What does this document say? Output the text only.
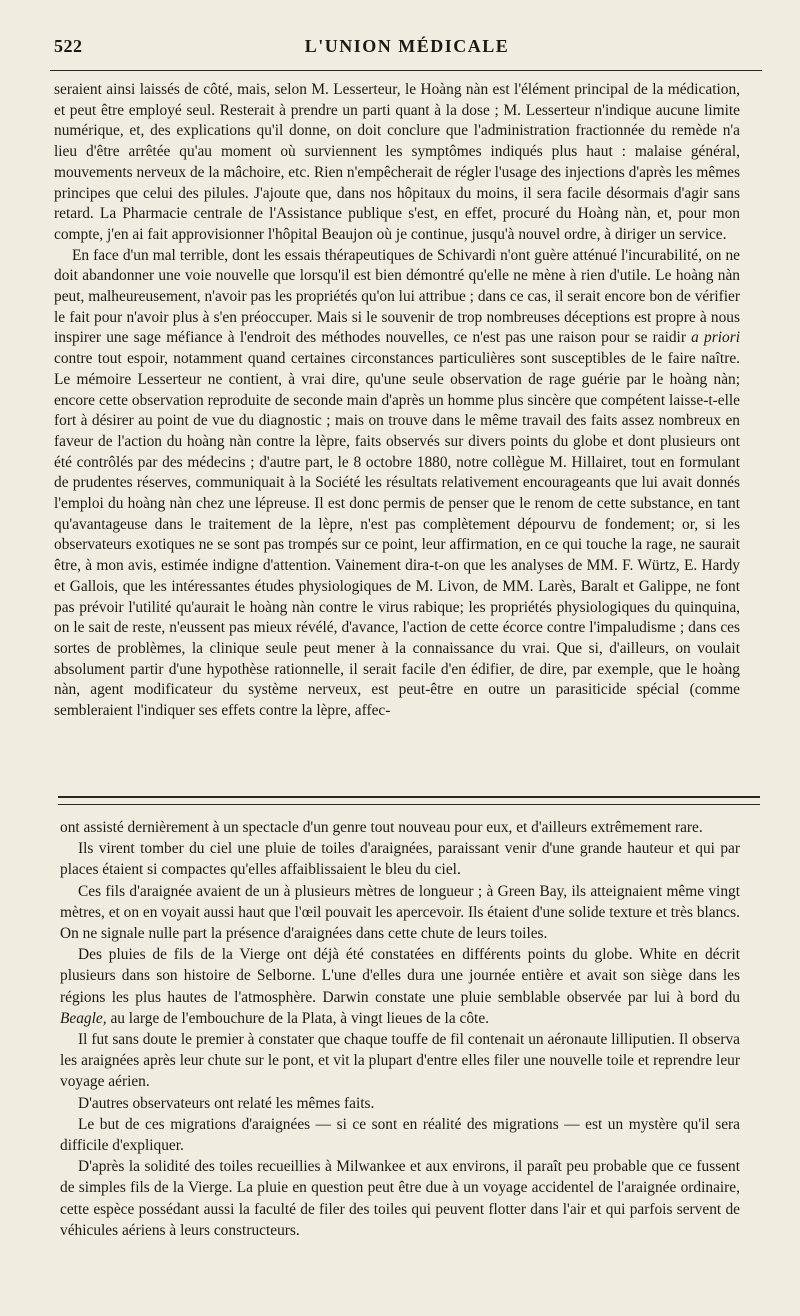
522	L'UNION MÉDICALE

seraient ainsi laissés de côté, mais, selon M. Lesserteur, le Hoàng nàn est l'élément principal de la médication, et peut être employé seul. Resterait à prendre un parti quant à la dose ; M. Lesserteur n'indique aucune limite numérique, et, des explications qu'il donne, on doit conclure que l'administration fractionnée du remède n'a lieu d'être arrêtée qu'au moment où surviennent les symptômes indiqués plus haut : malaise général, mouvements nerveux de la mâchoire, etc. Rien n'empêcherait de régler l'usage des injections d'après les mêmes principes que celui des pilules. J'ajoute que, dans nos hôpitaux du moins, il sera facile désormais d'agir sans retard. La Pharmacie centrale de l'Assistance publique s'est, en effet, procuré du Hoàng nàn, et, pour mon compte, j'en ai fait approvisionner l'hôpital Beaujon où je continue, jusqu'à nouvel ordre, à diriger un service.

En face d'un mal terrible, dont les essais thérapeutiques de Schivardi n'ont guère atténué l'incurabilité, on ne doit abandonner une voie nouvelle que lorsqu'il est bien démontré qu'elle ne mène à rien d'utile. Le hoàng nàn peut, malheureusement, n'avoir pas les propriétés qu'on lui attribue ; dans ce cas, il serait encore bon de vérifier le fait pour n'avoir plus à s'en préoccuper. Mais si le souvenir de trop nombreuses déceptions est propre à nous inspirer une sage méfiance à l'endroit des méthodes nouvelles, ce n'est pas une raison pour se raidir a priori contre tout espoir, notamment quand certaines circonstances particulières sont susceptibles de le faire naître. Le mémoire Lesserteur ne contient, à vrai dire, qu'une seule observation de rage guérie par le hoàng nàn; encore cette observation reproduite de seconde main d'après un homme plus sincère que compétent laisse-t-elle fort à désirer au point de vue du diagnostic ; mais on trouve dans le même travail des faits assez nombreux en faveur de l'action du hoàng nàn contre la lèpre, faits observés sur divers points du globe et dont plusieurs ont été contrôlés par des médecins ; d'autre part, le 8 octobre 1880, notre collègue M. Hillairet, tout en formulant de prudentes réserves, communiquait à la Société les résultats relativement encourageants que lui avait donnés l'emploi du hoàng nàn chez une lépreuse. Il est donc permis de penser que le renom de cette substance, en tant qu'avantageuse dans le traitement de la lèpre, n'est pas complètement dépourvu de fondement; or, si les observateurs exotiques ne se sont pas trompés sur ce point, leur affirmation, en ce qui touche la rage, ne saurait être, à mon avis, estimée indigne d'attention. Vainement dira-t-on que les analyses de MM. F. Würtz, E. Hardy et Gallois, que les intéressantes études physiologiques de M. Livon, de MM. Larès, Baralt et Galippe, ne font pas prévoir l'utilité qu'aurait le hoàng nàn contre le virus rabique; les propriétés physiologiques du quinquina, on le sait de reste, n'eussent pas mieux révélé, d'avance, l'action de cette écorce contre l'impaludisme ; dans ces sortes de problèmes, la clinique seule peut mener à la connaissance du vrai. Que si, d'ailleurs, on voulait absolument partir d'une hypothèse rationnelle, il serait facile d'en édifier, de dire, par exemple, que le hoàng nàn, agent modificateur du système nerveux, est peut-être en outre un parasiticide spécial (comme sembleraient l'indiquer ses effets contre la lèpre, affec-

ont assisté dernièrement à un spectacle d'un genre tout nouveau pour eux, et d'ailleurs extrêmement rare.

Ils virent tomber du ciel une pluie de toiles d'araignées, paraissant venir d'une grande hauteur et qui par places étaient si compactes qu'elles affaiblissaient le bleu du ciel.

Ces fils d'araignée avaient de un à plusieurs mètres de longueur ; à Green Bay, ils atteignaient même vingt mètres, et on en voyait aussi haut que l'œil pouvait les apercevoir. Ils étaient d'une solide texture et très blancs. On ne signale nulle part la présence d'araignées dans cette chute de leurs toiles.

Des pluies de fils de la Vierge ont déjà été constatées en différents points du globe. White en décrit plusieurs dans son histoire de Selborne. L'une d'elles dura une journée entière et avait son siège dans les régions les plus hautes de l'atmosphère. Darwin constate une pluie semblable observée par lui à bord du Beagle, au large de l'embouchure de la Plata, à vingt lieues de la côte.

Il fut sans doute le premier à constater que chaque touffe de fil contenait un aéronaute lilliputien. Il observa les araignées après leur chute sur le pont, et vit la plupart d'entre elles filer une nouvelle toile et reprendre leur voyage aérien.

D'autres observateurs ont relaté les mêmes faits.

Le but de ces migrations d'araignées — si ce sont en réalité des migrations — est un mystère qu'il sera difficile d'expliquer.

D'après la solidité des toiles recueillies à Milwankee et aux environs, il paraît peu probable que ce fussent de simples fils de la Vierge. La pluie en question peut être due à un voyage accidentel de l'araignée ordinaire, cette espèce possédant aussi la faculté de filer des toiles qui peuvent flotter dans l'air et qui parfois servent de véhicules aériens à leurs constructeurs.
